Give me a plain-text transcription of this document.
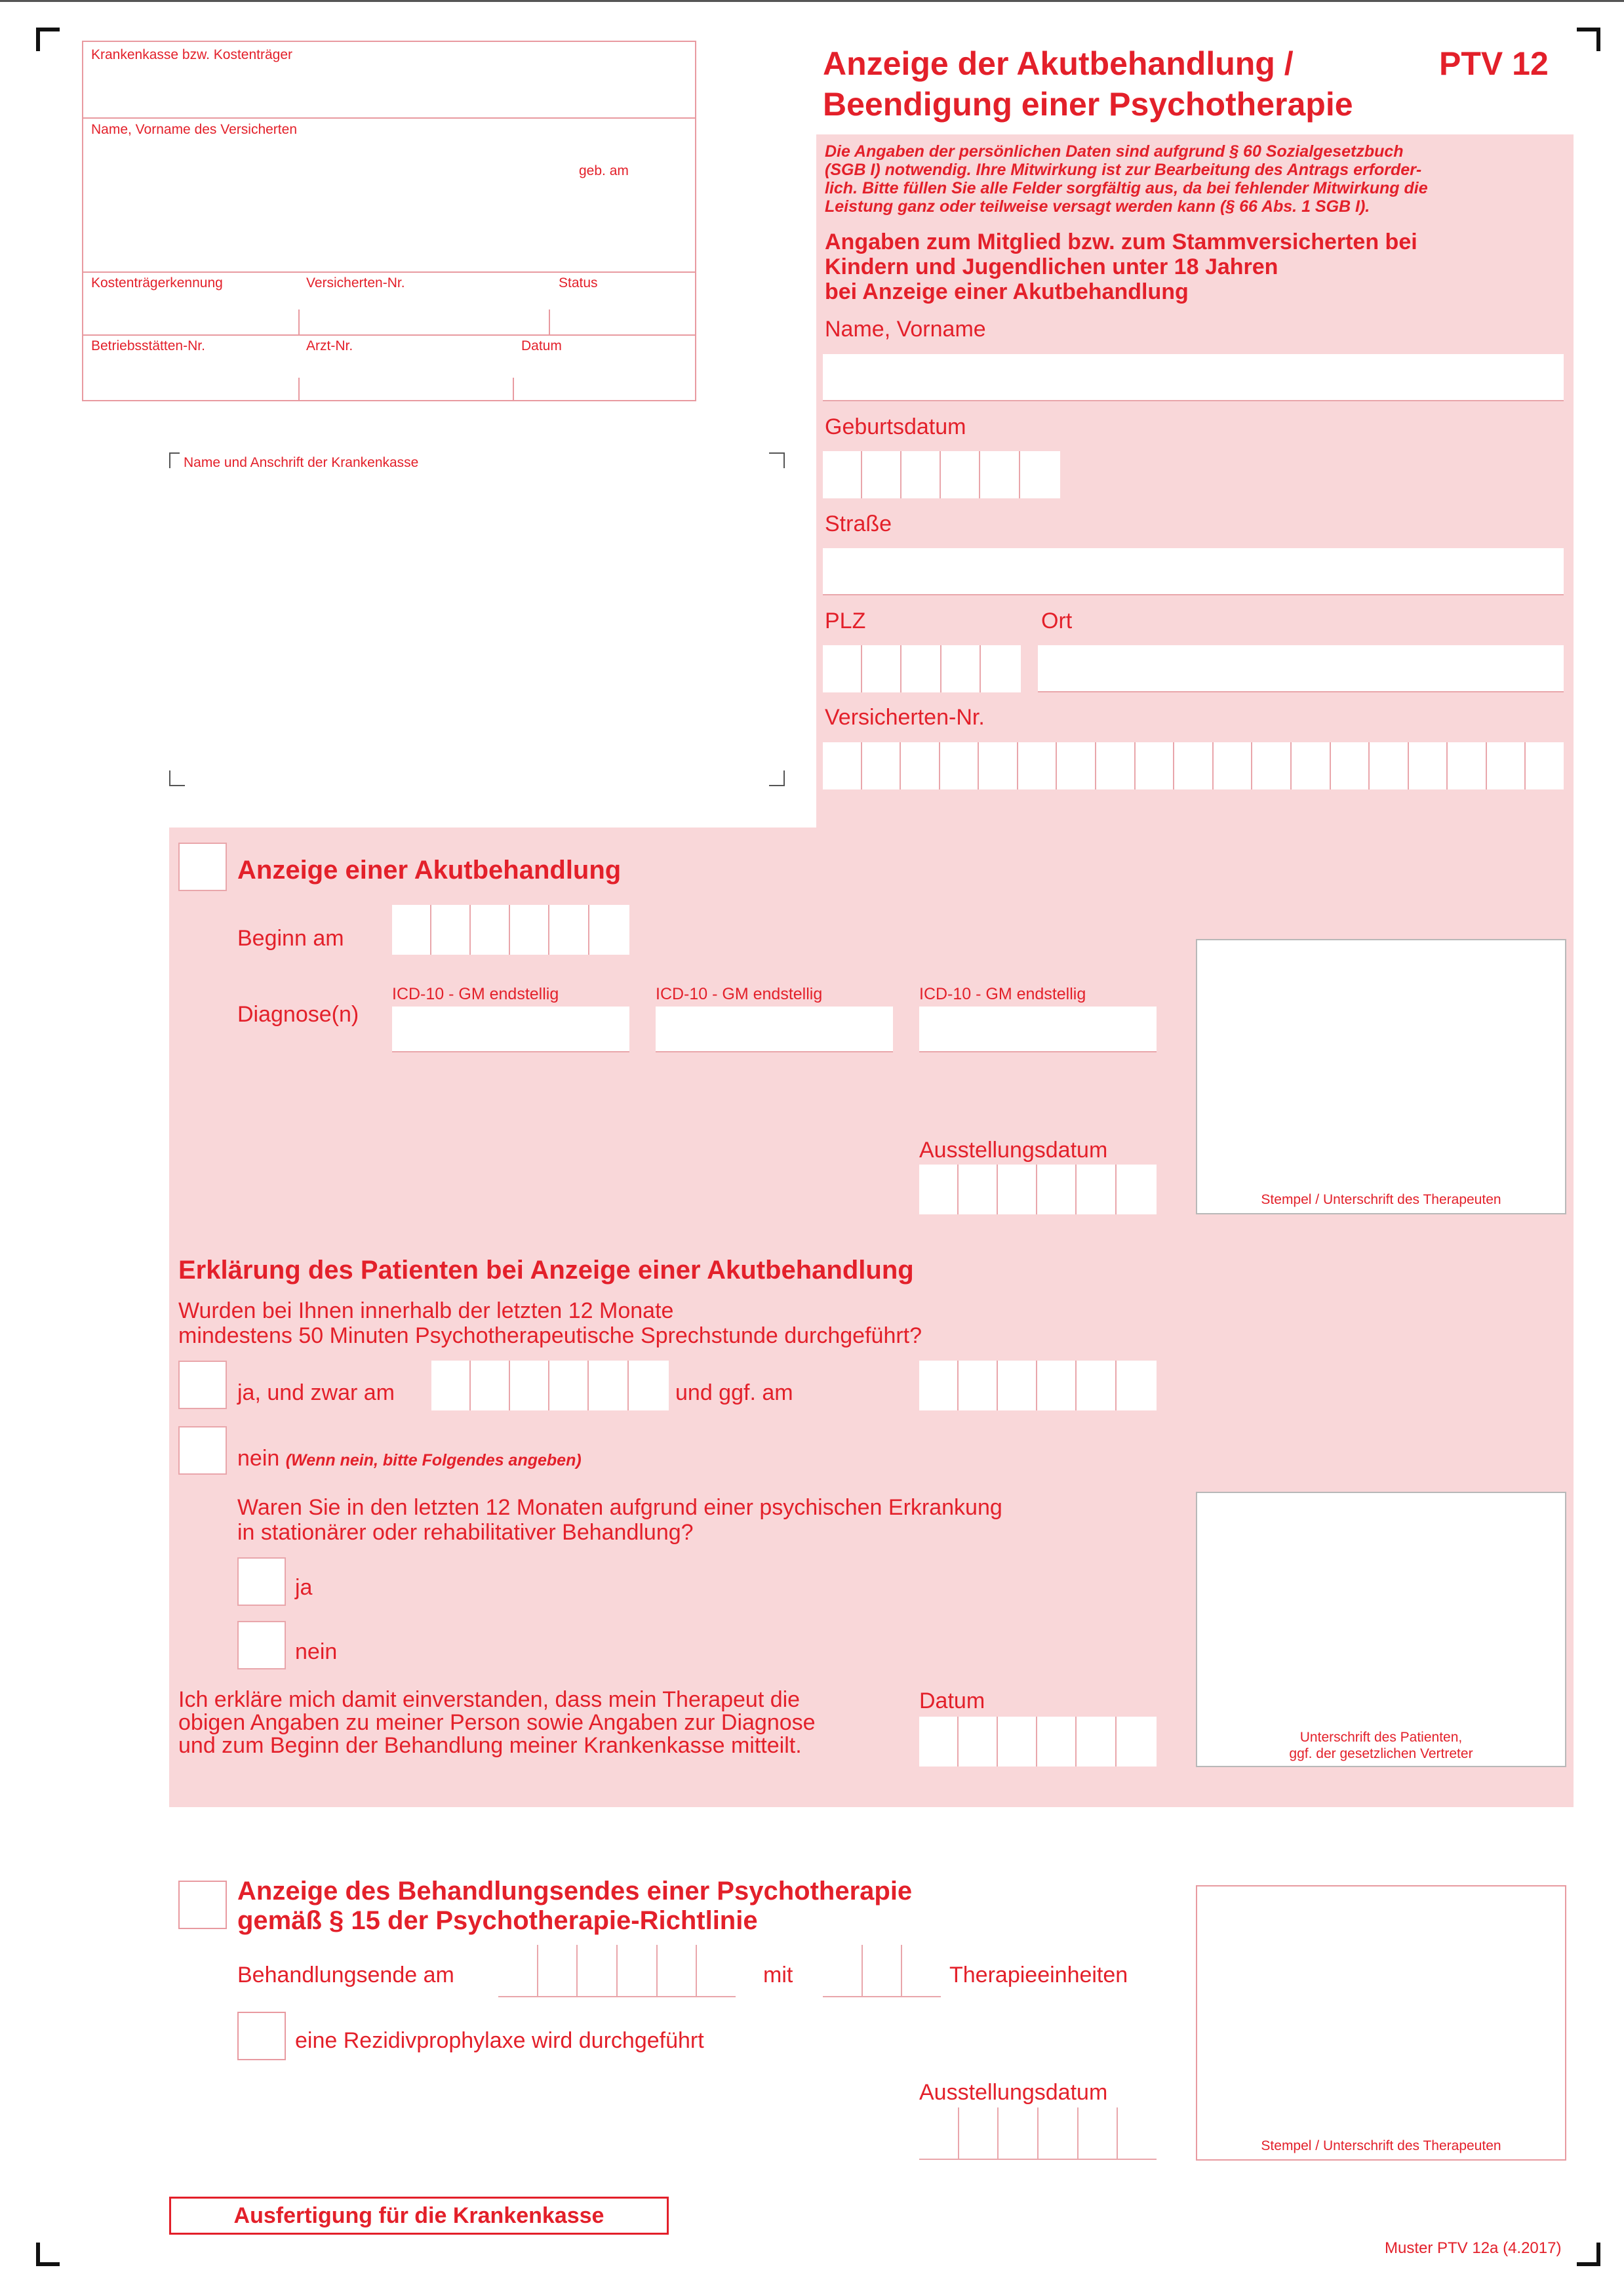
Krankenkasse bzw. Kostenträger
Name, Vorname des Versicherten
geb. am
Kostenträgerkennung	Versicherten-Nr.	Status
Betriebsstätten-Nr.	Arzt-Nr.	Datum
Name und Anschrift der Krankenkasse
Anzeige der Akutbehandlung /	PTV 12
Beendigung einer Psychotherapie
Die Angaben der persönlichen Daten sind aufgrund § 60 Sozialgesetzbuch
(SGB I) notwendig. Ihre Mitwirkung ist zur Bearbeitung des Antrags erforder-
lich. Bitte füllen Sie alle Felder sorgfältig aus, da bei fehlender Mitwirkung die
Leistung ganz oder teilweise versagt werden kann (§ 66 Abs. 1 SGB I).
Angaben zum Mitglied bzw. zum Stammversicherten bei
Kindern und Jugendlichen unter 18 Jahren
bei Anzeige einer Akutbehandlung
Name, Vorname
Geburtsdatum
Straße
PLZ	Ort
Versicherten-Nr.
Anzeige einer Akutbehandlung
Beginn am
Diagnose(n)
ICD-10 - GM endstellig	ICD-10 - GM endstellig	ICD-10 - GM endstellig
Ausstellungsdatum
Stempel / Unterschrift des Therapeuten
Erklärung des Patienten bei Anzeige einer Akutbehandlung
Wurden bei Ihnen innerhalb der letzten 12 Monate
mindestens 50 Minuten Psychotherapeutische Sprechstunde durchgeführt?
ja, und zwar am	und ggf. am
nein (Wenn nein, bitte Folgendes angeben)
Waren Sie in den letzten 12 Monaten aufgrund einer psychischen Erkrankung
in stationärer oder rehabilitativer Behandlung?
ja
nein
Ich erkläre mich damit einverstanden, dass mein Therapeut die
obigen Angaben zu meiner Person sowie Angaben zur Diagnose
und zum Beginn der Behandlung meiner Krankenkasse mitteilt.
Datum
Unterschrift des Patienten,
ggf. der gesetzlichen Vertreter
Anzeige des Behandlungsendes einer Psychotherapie
gemäß § 15 der Psychotherapie-Richtlinie
Behandlungsende am	mit	Therapieeinheiten
eine Rezidivprophylaxe wird durchgeführt
Ausstellungsdatum
Stempel / Unterschrift des Therapeuten
Ausfertigung für die Krankenkasse
Muster PTV 12a (4.2017)
